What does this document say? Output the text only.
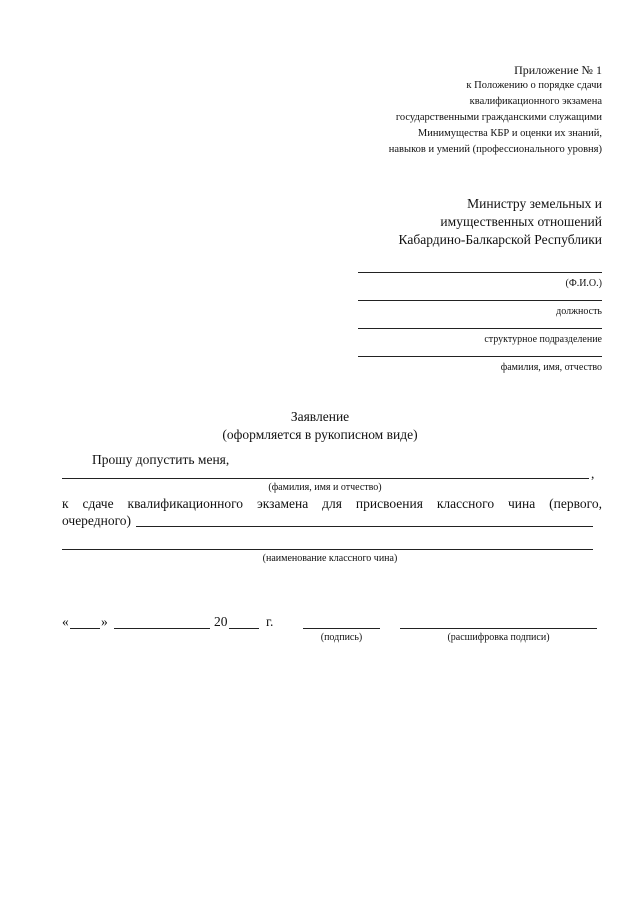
Приложение № 1
к Положению о порядке сдачи
квалификационного экзамена
государственными гражданскими служащими
Минимущества КБР и оценки их знаний,
навыков и умений (профессионального уровня)
Министру земельных и
имущественных отношений
Кабардино-Балкарской Республики
(Ф.И.О.)
должность
структурное подразделение
фамилия, имя, отчество
Заявление
(оформляется в рукописном виде)
Прошу допустить меня,
,
(фамилия, имя и отчество)
к сдаче квалификационного экзамена для присвоения классного чина (первого,
очередного)
(наименование классного чина)
« »	20	г.
(подпись)	(расшифровка подписи)
